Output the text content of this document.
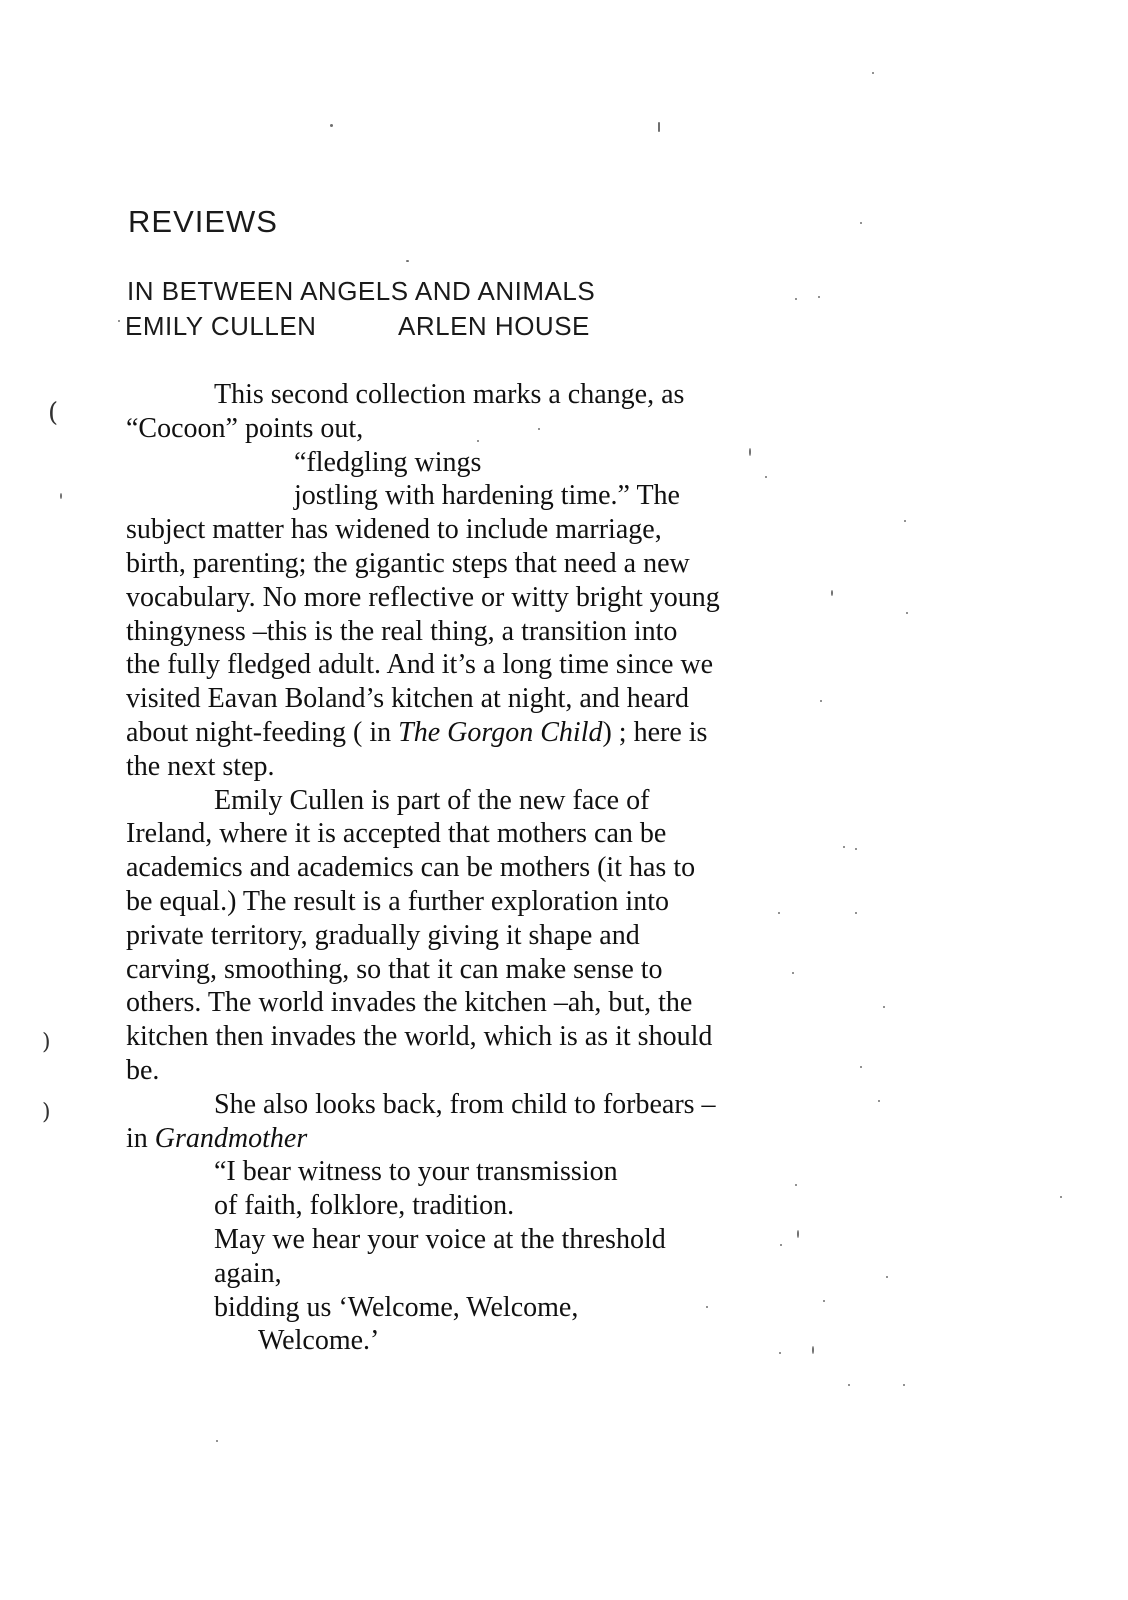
REVIEWS
IN BETWEEN ANGELS AND ANIMALS
EMILY CULLEN	ARLEN HOUSE
This second collection marks a change, as
“Cocoon” points out,
“fledgling wings
jostling with hardening time.” The
subject matter has widened to include marriage,
birth, parenting; the gigantic steps that need a new
vocabulary. No more reflective or witty bright young
thingyness –this is the real thing, a transition into
the fully fledged adult. And it’s a long time since we
visited Eavan Boland’s kitchen at night, and heard
about night-feeding ( in The Gorgon Child) ; here is
the next step.
Emily Cullen is part of the new face of
Ireland, where it is accepted that mothers can be
academics and academics can be mothers (it has to
be equal.) The result is a further exploration into
private territory, gradually giving it shape and
carving, smoothing, so that it can make sense to
others. The world invades the kitchen –ah, but, the
kitchen then invades the world, which is as it should
be.
She also looks back, from child to forbears –
in Grandmother
“I bear witness to your transmission
of faith, folklore, tradition.
May we hear your voice at the threshold
again,
bidding us ‘Welcome, Welcome,
Welcome.’
(
)
)
